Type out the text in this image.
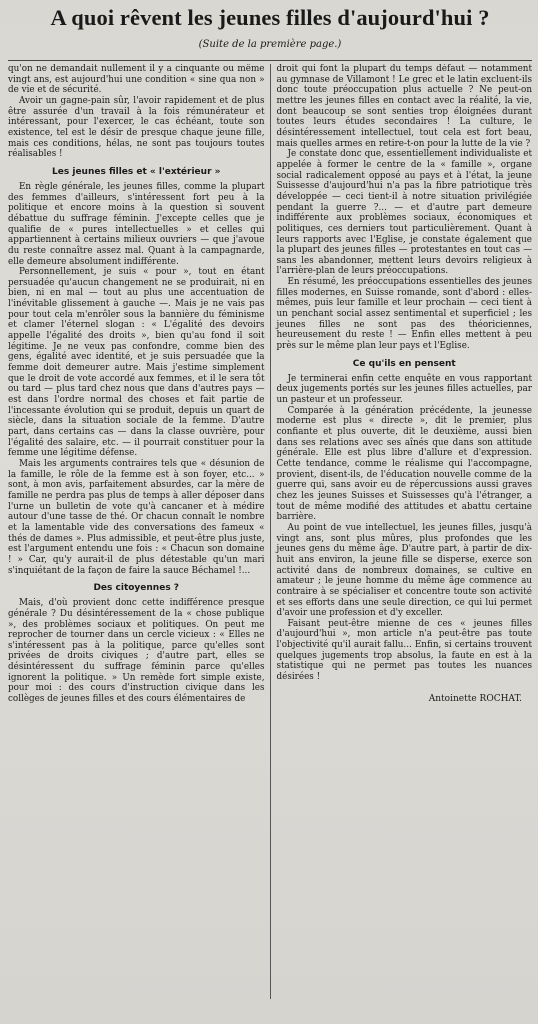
A quoi rêvent les jeunes filles d'aujourd'hui ?
(Suite de la première page.)

qu'on ne demandait nullement il y a cinquante ou même vingt ans, est aujourd'hui une condition « sine qua non » de vie et de sécurité.

Avoir un gagne-pain sûr, l'avoir rapidement et de plus être assurée d'un travail à la fois rémunérateur et intéressant, pour l'exercer, le cas échéant, toute son existence, tel est le désir de presque chaque jeune fille, mais ces conditions, hélas, ne sont pas toujours toutes réalisables !

Les jeunes filles et « l'extérieur »

En règle générale, les jeunes filles, comme la plupart des femmes d'ailleurs, s'intéressent fort peu à la politique et encore moins à la question si souvent débattue du suffrage féminin. J'excepte celles que je qualifie de « pures intellectuelles » et celles qui appartiennent à certains milieux ouvriers — que j'avoue du reste connaître assez mal. Quant à la campagnarde, elle demeure absolument indifférente.

Personnellement, je suis « pour », tout en étant persuadée qu'aucun changement ne se produirait, ni en bien, ni en mal — tout au plus une accentuation de l'inévitable glissement à gauche —. Mais je ne vais pas pour tout cela m'enrôler sous la bannière du féminisme et clamer l'éternel slogan : « L'égalité des devoirs appelle l'égalité des droits », bien qu'au fond il soit légitime. Je ne veux pas confondre, comme bien des gens, égalité avec identité, et je suis persuadée que la femme doit demeurer autre. Mais j'estime simplement que le droit de vote accordé aux femmes, et il le sera tôt ou tard — plus tard chez nous que dans d'autres pays — est dans l'ordre normal des choses et fait partie de l'incessante évolution qui se produit, depuis un quart de siècle, dans la situation sociale de la femme. D'autre part, dans certains cas — dans la classe ouvrière, pour l'égalité des salaire, etc. — il pourrait constituer pour la femme une légitime défense.

Mais les arguments contraires tels que « désunion de la famille, le rôle de la femme est à son foyer, etc... » sont, à mon avis, parfaitement absurdes, car la mère de famille ne perdra pas plus de temps à aller déposer dans l'urne un bulletin de vote qu'à cancaner et à médire autour d'une tasse de thé. Or chacun connaît le nombre et la lamentable vide des conversations des fameux « thés de dames ». Plus admissible, et peut-être plus juste, est l'argument entendu une fois : « Chacun son domaine ! » Car, qu'y aurait-il de plus détestable qu'un mari s'inquiétant de la façon de faire la sauce Béchamel !...

Des citoyennes ?

Mais, d'où provient donc cette indifférence presque générale ? Du désintéressement de la « chose publique », des problèmes sociaux et politiques. On peut me reprocher de tourner dans un cercle vicieux : « Elles ne s'intéressent pas à la politique, parce qu'elles sont privées de droits civiques ; d'autre part, elles se désintéressent du suffrage féminin parce qu'elles ignorent la politique. » Un remède fort simple existe, pour moi : des cours d'instruction civique dans les collèges de jeunes filles et des cours élémentaires de

droit qui font la plupart du temps défaut — notamment au gymnase de Villamont ! Le grec et le latin excluent-ils donc toute préoccupation plus actuelle ? Ne peut-on mettre les jeunes filles en contact avec la réalité, la vie, dont beaucoup se sont senties trop éloignées durant toutes leurs études secondaires ! La culture, le désintéressement intellectuel, tout cela est fort beau, mais quelles armes en retire-t-on pour la lutte de la vie ?

Je constate donc que, essentiellement individualiste et appelée à former le centre de la « famille », organe social radicalement opposé au pays et à l'état, la jeune Suissesse d'aujourd'hui n'a pas la fibre patriotique très développée — ceci tient-il à notre situation privilégiée pendant la guerre ?... — et d'autre part demeure indifférente aux problèmes sociaux, économiques et politiques, ces derniers tout particulièrement. Quant à leurs rapports avec l'Eglise, je constate également que la plupart des jeunes filles — protestantes en tout cas — sans les abandonner, mettent leurs devoirs religieux à l'arrière-plan de leurs préoccupations.

En résumé, les préoccupations essentielles des jeunes filles modernes, en Suisse romande, sont d'abord : elles-mêmes, puis leur famille et leur prochain — ceci tient à un penchant social assez sentimental et superficiel ; les jeunes filles ne sont pas des théoriciennes, heureusement du reste ! — Enfin elles mettent à peu près sur le même plan leur pays et l'Eglise.

Ce qu'ils en pensent

Je terminerai enfin cette enquête en vous rapportant deux jugements portés sur les jeunes filles actuelles, par un pasteur et un professeur.

Comparée à la génération précédente, la jeunesse moderne est plus « directe », dit le premier, plus confiante et plus ouverte, dit le deuxième, aussi bien dans ses relations avec ses aînés que dans son attitude générale. Elle est plus libre d'allure et d'expression. Cette tendance, comme le réalisme qui l'accompagne, provient, disent-ils, de l'éducation nouvelle comme de la guerre qui, sans avoir eu de répercussions aussi graves chez les jeunes Suisses et Suissesses qu'à l'étranger, a tout de même modifié des attitudes et abattu certaine barrière.

Au point de vue intellectuel, les jeunes filles, jusqu'à vingt ans, sont plus mûres, plus profondes que les jeunes gens du même âge. D'autre part, à partir de dix-huit ans environ, la jeune fille se disperse, exerce son activité dans de nombreux domaines, se cultive en amateur ; le jeune homme du même âge commence au contraire à se spécialiser et concentre toute son activité et ses efforts dans une seule direction, ce qui lui permet d'avoir une profession et d'y exceller.

Faisant peut-être mienne de ces « jeunes filles d'aujourd'hui », mon article n'a peut-être pas toute l'objectivité qu'il aurait fallu... Enfin, si certains trouvent quelques jugements trop absolus, la faute en est à la statistique qui ne permet pas toutes les nuances désirées !

Antoinette ROCHAT.
